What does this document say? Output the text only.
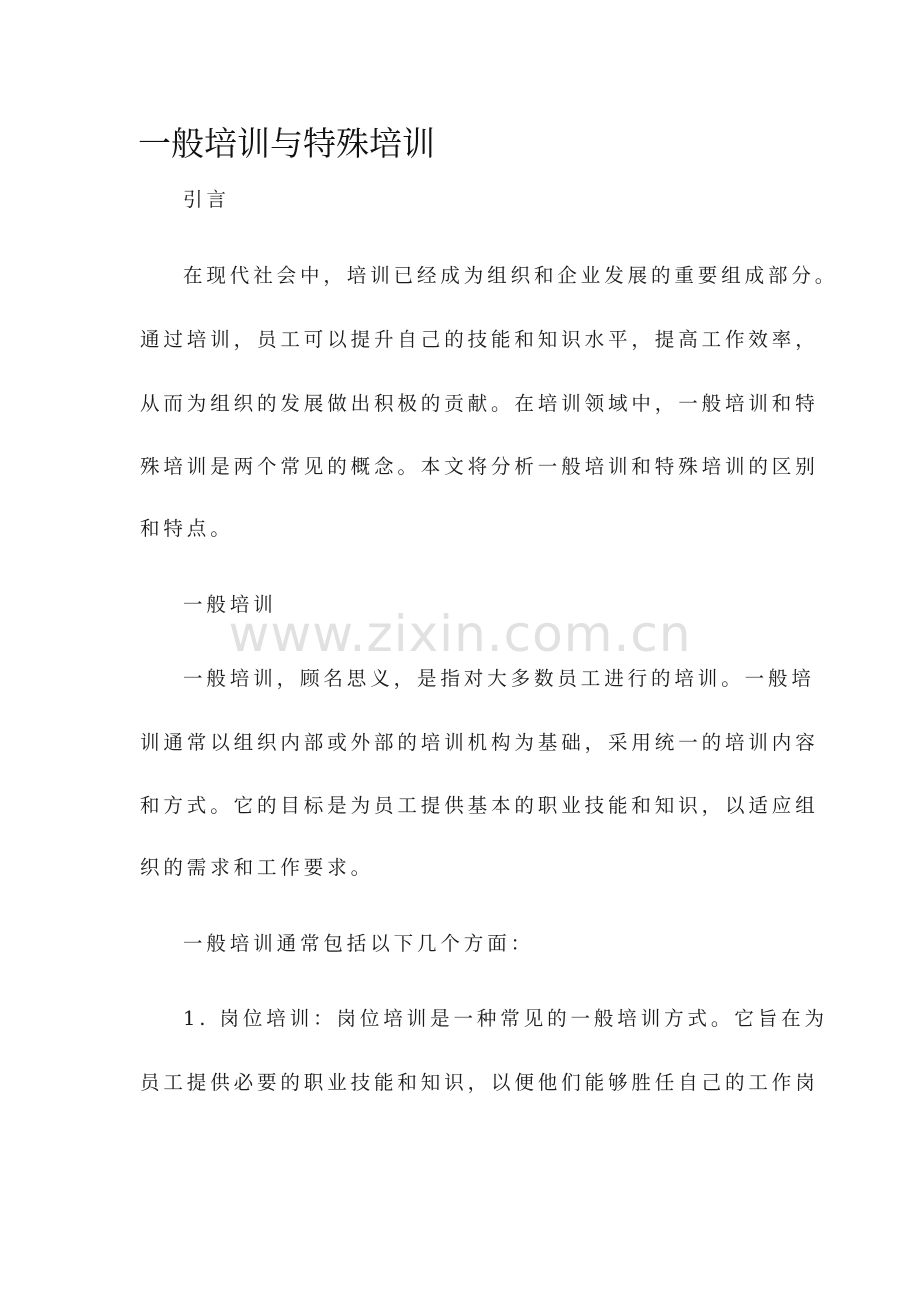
一般培训与特殊培训
引言
在现代社会中，培训已经成为组织和企业发展的重要组成部分。
通过培训，员工可以提升自己的技能和知识水平，提高工作效率，
从而为组织的发展做出积极的贡献。在培训领域中，一般培训和特
殊培训是两个常见的概念。本文将分析一般培训和特殊培训的区别
和特点。
一般培训
一般培训，顾名思义，是指对大多数员工进行的培训。一般培
训通常以组织内部或外部的培训机构为基础，采用统一的培训内容
和方式。它的目标是为员工提供基本的职业技能和知识，以适应组
织的需求和工作要求。
一般培训通常包括以下几个方面：
1. 岗位培训：岗位培训是一种常见的一般培训方式。它旨在为
员工提供必要的职业技能和知识，以便他们能够胜任自己的工作岗
www.zixin.com.cn
